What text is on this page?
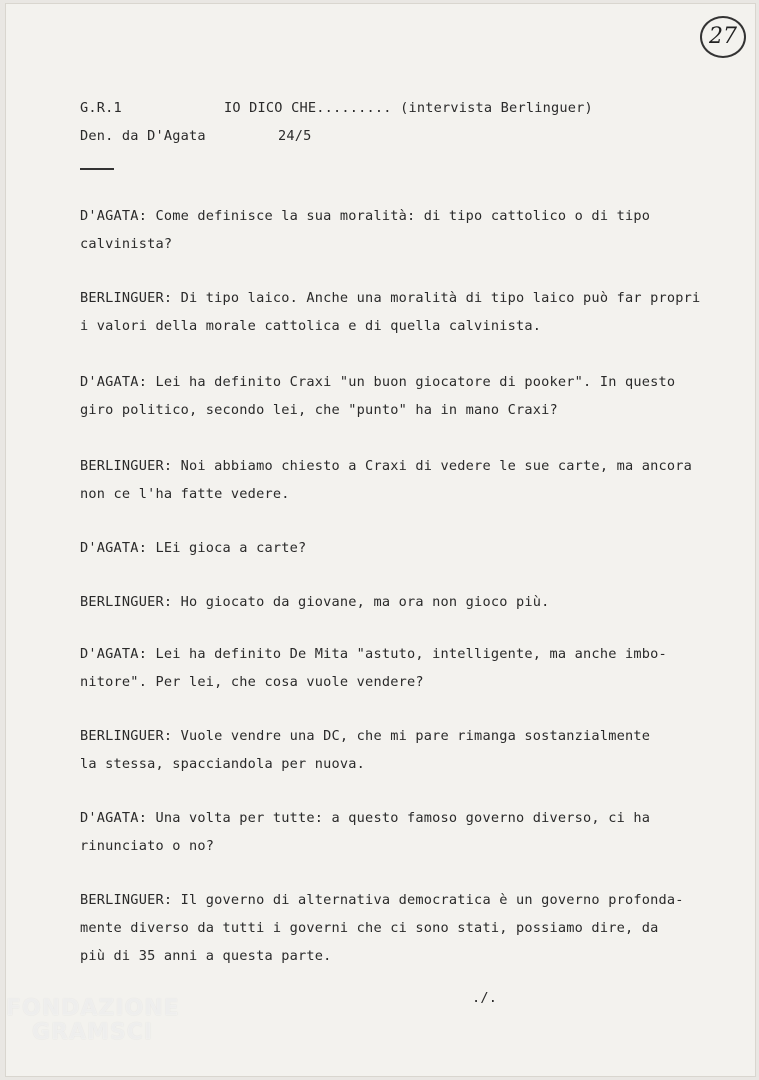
27
G.R.1	IO DICO CHE......... (intervista Berlinguer)
Den. da D'Agata	24/5
D'AGATA: Come definisce la sua moralità: di tipo cattolico o di tipo
calvinista?
BERLINGUER: Di tipo laico. Anche una moralità di tipo laico può far propri
i valori della morale cattolica e di quella calvinista.
D'AGATA: Lei ha definito Craxi "un buon giocatore di pooker". In questo
giro politico, secondo lei, che "punto" ha in mano Craxi?
BERLINGUER: Noi abbiamo chiesto a Craxi di vedere le sue carte, ma ancora
non ce l'ha fatte vedere.
D'AGATA: LEi gioca a carte?
BERLINGUER: Ho giocato da giovane, ma ora non gioco più.
D'AGATA: Lei ha definito De Mita "astuto, intelligente, ma anche imbo-
nitore". Per lei, che cosa vuole vendere?
BERLINGUER: Vuole vendre una DC, che mi pare rimanga sostanzialmente
la stessa, spacciandola per nuova.
D'AGATA: Una volta per tutte: a questo famoso governo diverso, ci ha
rinunciato o no?
BERLINGUER: Il governo di alternativa democratica è un governo profonda-
mente diverso da tutti i governi che ci sono stati, possiamo dire, da
più di 35 anni a questa parte.
./.
FONDAZIONE
GRAMSCI
